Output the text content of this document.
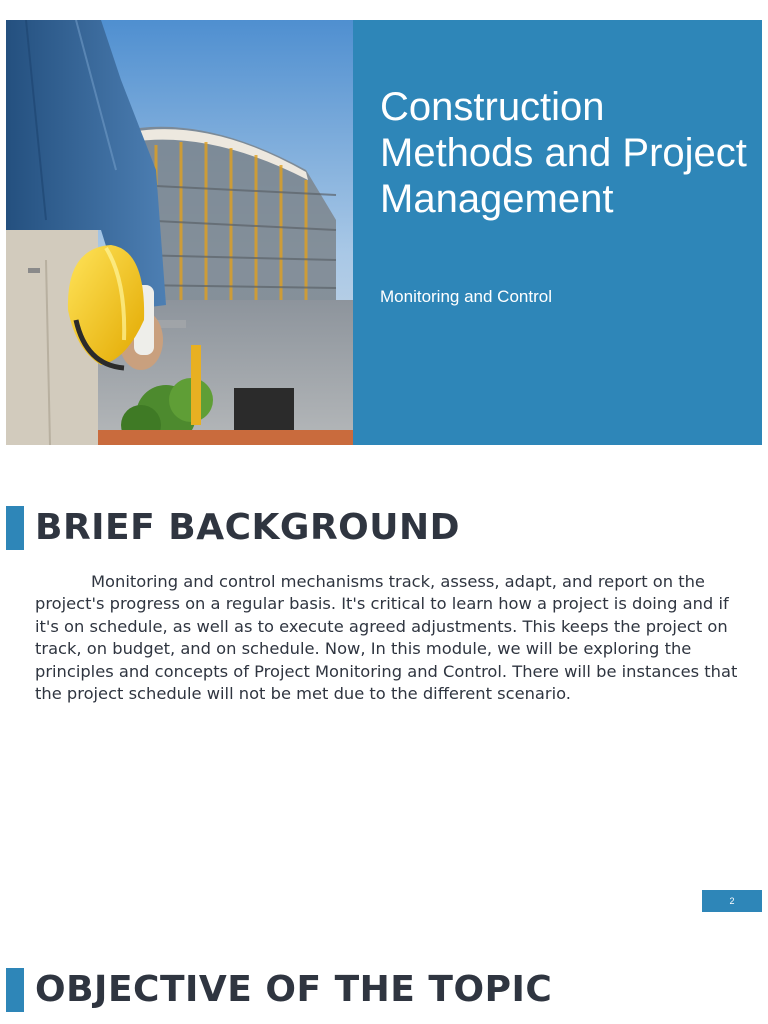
Construction Methods and Project Management
Monitoring and Control
BRIEF BACKGROUND

Monitoring and control mechanisms track, assess, adapt, and report on the project's progress on a regular basis. It's critical to learn how a project is doing and if it's on schedule, as well as to execute agreed adjustments. This keeps the project on track, on budget, and on schedule. Now, In this module, we will be exploring the principles and concepts of Project Monitoring and Control. There will be instances that the project schedule will not be met due to the different scenario.

2
OBJECTIVE OF THE TOPIC
